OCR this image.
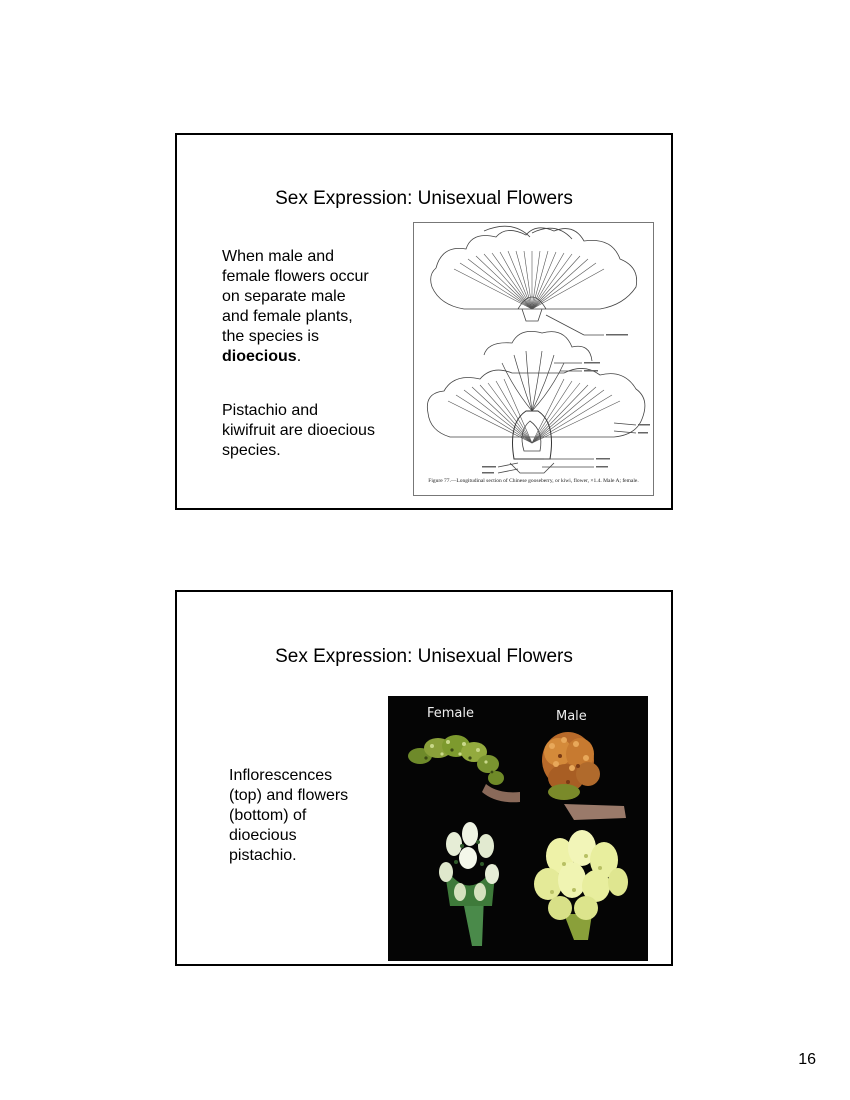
Sex Expression: Unisexual Flowers
When male and
female flowers occur
on separate male
and female plants,
the species is
dioecious.
Pistachio and
kiwifruit are dioecious
species.
Figure 77.—Longitudinal section of Chinese gooseberry, or kiwi, flower, ×1.4. Male A; female.
Sex Expression: Unisexual Flowers
Inflorescences
(top) and flowers
(bottom) of
dioecious
pistachio.
Female	Male
16
